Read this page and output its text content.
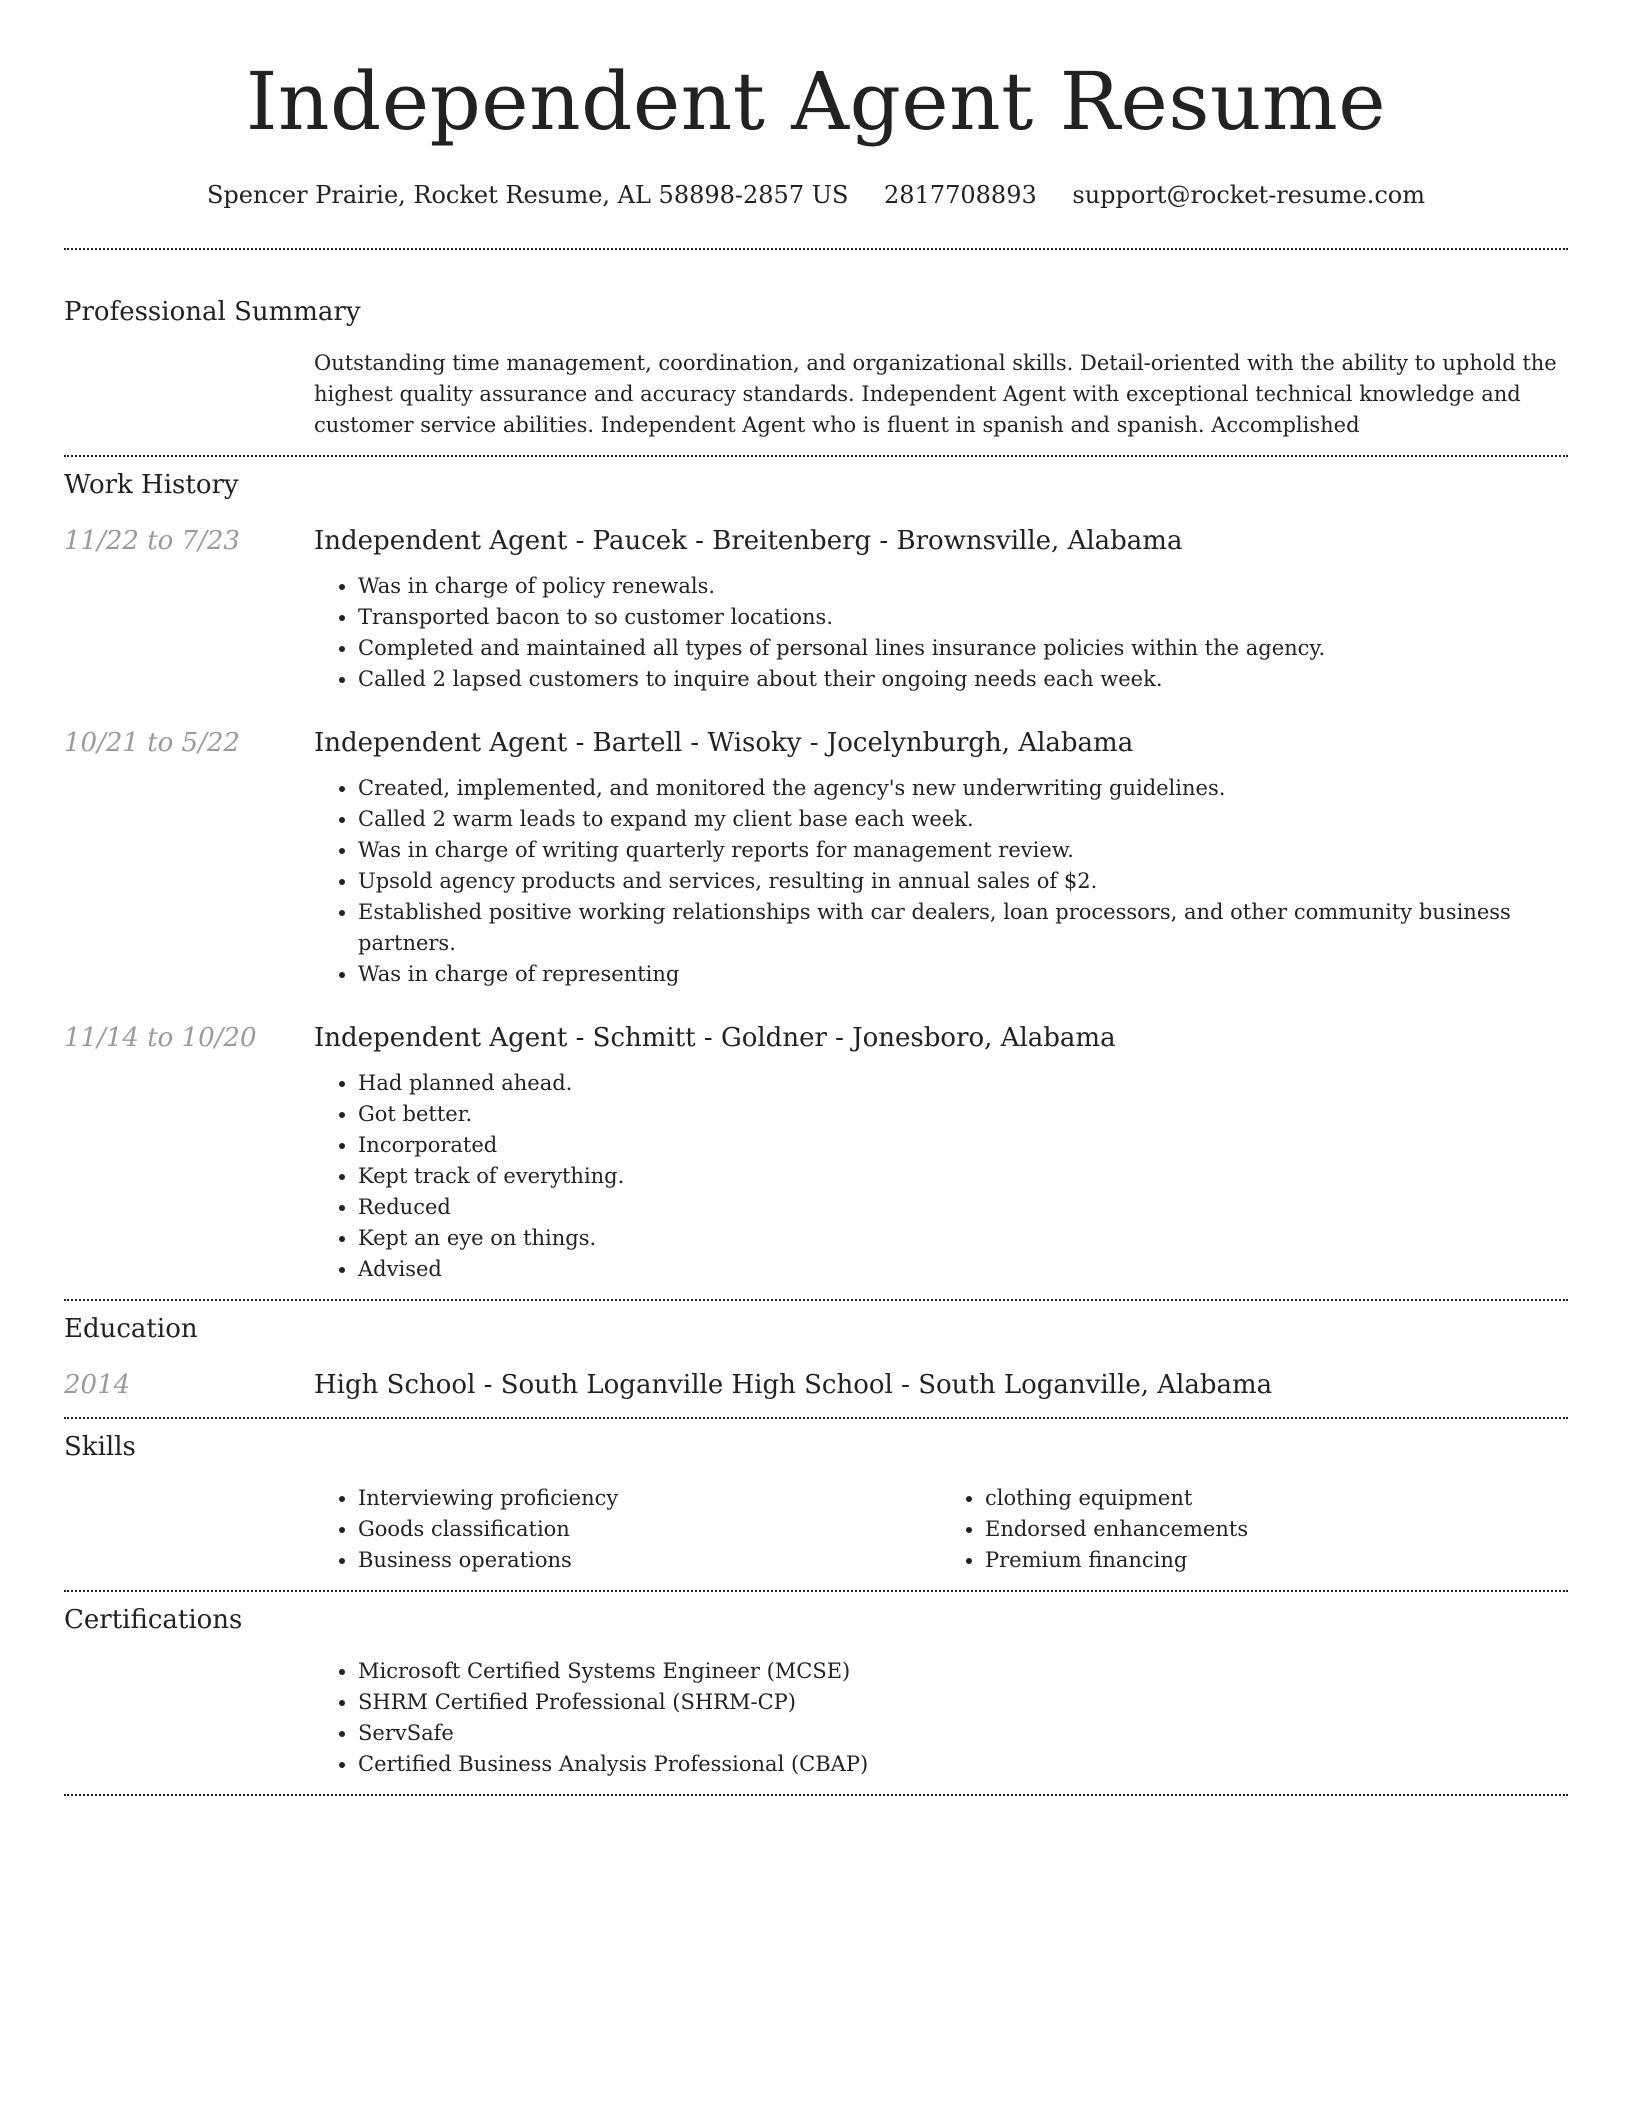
Independent Agent Resume
Spencer Prairie, Rocket Resume, AL 58898-2857 US 2817708893 support@rocket-resume.com
Professional Summary

Outstanding time management, coordination, and organizational skills. Detail-oriented with the ability to uphold the highest quality assurance and accuracy standards. Independent Agent with exceptional technical knowledge and customer service abilities. Independent Agent who is fluent in spanish and spanish. Accomplished

Work History
11/22 to 7/23	Independent Agent - Paucek - Breitenberg - Brownsville, Alabama
• Was in charge of policy renewals.
• Transported bacon to so customer locations.
• Completed and maintained all types of personal lines insurance policies within the agency.
• Called 2 lapsed customers to inquire about their ongoing needs each week.
10/21 to 5/22	Independent Agent - Bartell - Wisoky - Jocelynburgh, Alabama
• Created, implemented, and monitored the agency's new underwriting guidelines.
• Called 2 warm leads to expand my client base each week.
• Was in charge of writing quarterly reports for management review.
• Upsold agency products and services, resulting in annual sales of $2.
• Established positive working relationships with car dealers, loan processors, and other community business partners.
• Was in charge of representing
11/14 to 10/20	Independent Agent - Schmitt - Goldner - Jonesboro, Alabama
• Had planned ahead.
• Got better.
• Incorporated
• Kept track of everything.
• Reduced
• Kept an eye on things.
• Advised
Education
2014	High School - South Loganville High School - South Loganville, Alabama
Skills
• Interviewing proficiency
• Goods classification
• Business operations
• clothing equipment
• Endorsed enhancements
• Premium financing
Certifications
• Microsoft Certified Systems Engineer (MCSE)
• SHRM Certified Professional (SHRM-CP)
• ServSafe
• Certified Business Analysis Professional (CBAP)
